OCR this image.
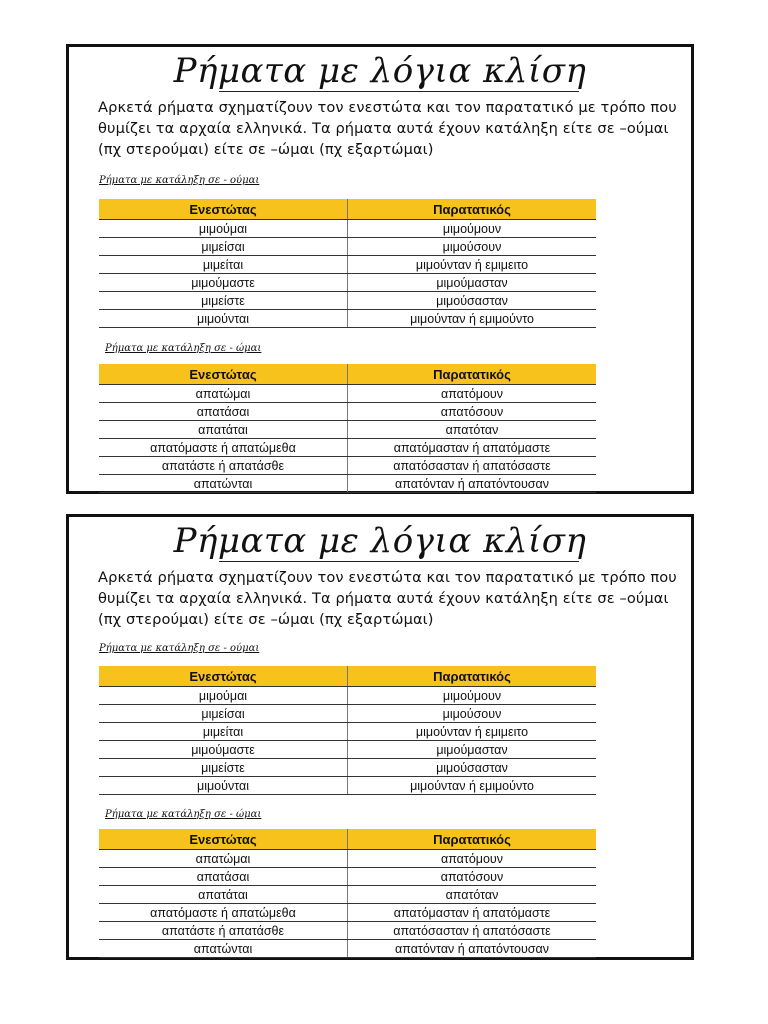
Ρήματα με λόγια κλίση

Αρκετά ρήματα σχηματίζουν τον ενεστώτα και τον παρατατικό με τρόπο που θυμίζει τα αρχαία ελληνικά. Τα ρήματα αυτά έχουν κατάληξη είτε σε –ούμαι (πχ στερούμαι) είτε σε –ώμαι (πχ εξαρτώμαι)

Ρήματα με κατάληξη σε - ούμαι
Ενεστώτας	Παρατατικός
μιμούμαι	μιμούμουν
μιμείσαι	μιμούσουν
μιμείται	μιμούνταν ή εμιμειτο
μιμούμαστε	μιμούμασταν
μιμείστε	μιμούσασταν
μιμούνται	μιμούνταν ή εμιμούντο
Ρήματα με κατάληξη σε - ώμαι
Ενεστώτας	Παρατατικός
απατώμαι	απατόμουν
απατάσαι	απατόσουν
απατάται	απατόταν
απατόμαστε ή απατώμεθα	απατόμασταν ή απατόμαστε
απατάστε ή απατάσθε	απατόσασταν ή απατόσαστε
απατώνται	απατόνταν ή απατόντουσαν
Ρήματα με λόγια κλίση

Αρκετά ρήματα σχηματίζουν τον ενεστώτα και τον παρατατικό με τρόπο που θυμίζει τα αρχαία ελληνικά. Τα ρήματα αυτά έχουν κατάληξη είτε σε –ούμαι (πχ στερούμαι) είτε σε –ώμαι (πχ εξαρτώμαι)

Ρήματα με κατάληξη σε - ούμαι
Ενεστώτας	Παρατατικός
μιμούμαι	μιμούμουν
μιμείσαι	μιμούσουν
μιμείται	μιμούνταν ή εμιμειτο
μιμούμαστε	μιμούμασταν
μιμείστε	μιμούσασταν
μιμούνται	μιμούνταν ή εμιμούντο
Ρήματα με κατάληξη σε - ώμαι
Ενεστώτας	Παρατατικός
απατώμαι	απατόμουν
απατάσαι	απατόσουν
απατάται	απατόταν
απατόμαστε ή απατώμεθα	απατόμασταν ή απατόμαστε
απατάστε ή απατάσθε	απατόσασταν ή απατόσαστε
απατώνται	απατόνταν ή απατόντουσαν
